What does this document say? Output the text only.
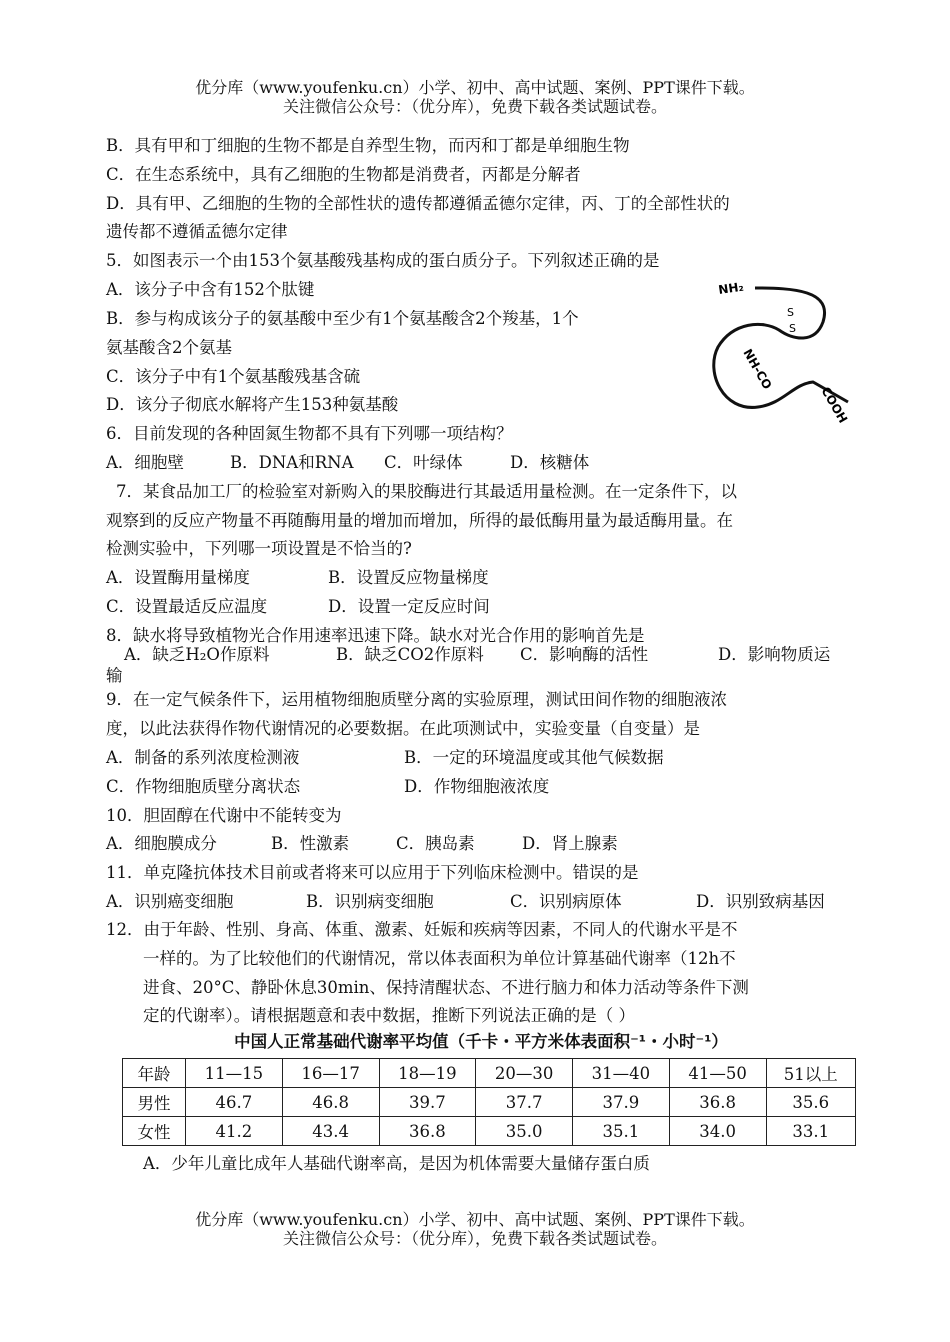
优分库（www.youfenku.cn）小学、初中、高中试题、案例、PPT课件下载。
关注微信公众号：（优分库），免费下载各类试题试卷。
B．具有甲和丁细胞的生物不都是自养型生物，而丙和丁都是单细胞生物
C．在生态系统中，具有乙细胞的生物都是消费者，丙都是分解者
D．具有甲、乙细胞的生物的全部性状的遗传都遵循孟德尔定律，丙、丁的全部性状的
遗传都不遵循孟德尔定律
5．如图表示一个由153个氨基酸残基构成的蛋白质分子。下列叙述正确的是
A．该分子中含有152个肽键
B．参与构成该分子的氨基酸中至少有1个氨基酸含2个羧基，1个
氨基酸含2个氨基
C．该分子中有1个氨基酸残基含硫
D．该分子彻底水解将产生153种氨基酸
NH₂
S
S
NH-CO
COOH
6．目前发现的各种固氮生物都不具有下列哪一项结构？
A．细胞壁	B．DNA和RNA C．叶绿体	D．核糖体
7．某食品加工厂的检验室对新购入的果胶酶进行其最适用量检测。在一定条件下，以
观察到的反应产物量不再随酶用量的增加而增加，所得的最低酶用量为最适酶用量。在
检测实验中，下列哪一项设置是不恰当的?
A．设置酶用量梯度	B．设置反应物量梯度
C．设置最适反应温度	D．设置一定反应时间
8．缺水将导致植物光合作用速率迅速下降。缺水对光合作用的影响首先是
A．缺乏H₂O作原料	B．缺乏CO2作原料 C．影响酶的活性	D．影响物质运
输
9．在一定气候条件下，运用植物细胞质壁分离的实验原理，测试田间作物的细胞液浓
度，以此法获得作物代谢情况的必要数据。在此项测试中，实验变量（自变量）是
A．制备的系列浓度检测液	B．一定的环境温度或其他气候数据
C．作物细胞质壁分离状态	D．作物细胞液浓度
10．胆固醇在代谢中不能转变为
A．细胞膜成分	B．性激素	C．胰岛素	D．肾上腺素
11．单克隆抗体技术目前或者将来可以应用于下列临床检测中。错误的是
A．识别癌变细胞	B．识别病变细胞	C．识别病原体	D．识别致病基因
12．由于年龄、性别、身高、体重、激素、妊娠和疾病等因素，不同人的代谢水平是不
一样的。为了比较他们的代谢情况，常以体表面积为单位计算基础代谢率（12h不
进食、20°C、静卧休息30min、保持清醒状态、不进行脑力和体力活动等条件下测
定的代谢率）。请根据题意和表中数据，推断下列说法正确的是（ ）
中国人正常基础代谢率平均值（千卡・平方米体表面积⁻¹・小时⁻¹）
年龄	11—15	16—17	18—19	20—30	31—40	41—50	51以上
男性	46.7	46.8	39.7	37.7	37.9	36.8	35.6
女性	41.2	43.4	36.8	35.0	35.1	34.0	33.1
A．少年儿童比成年人基础代谢率高，是因为机体需要大量储存蛋白质
优分库（www.youfenku.cn）小学、初中、高中试题、案例、PPT课件下载。
关注微信公众号：（优分库），免费下载各类试题试卷。
